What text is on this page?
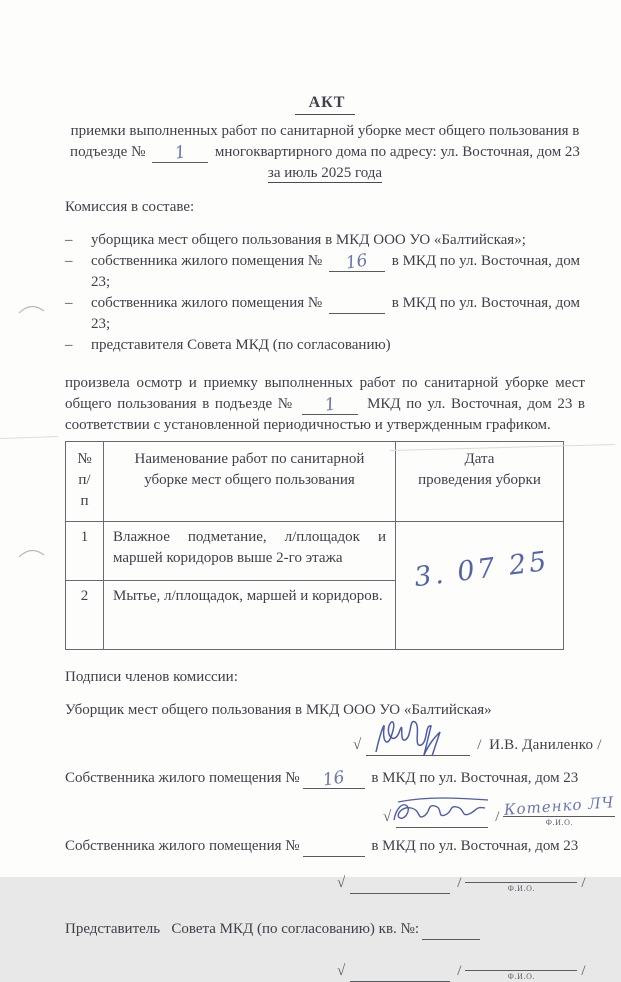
АКТ

приемки выполненных работ по санитарной уборке мест общего пользования в подъезде № 1 многоквартирного дома по адресу: ул. Восточная, дом 23

за июль 2025 года

Комиссия в составе:

–	уборщика мест общего пользования в МКД ООО УО «Балтийская»;
–	собственника жилого помещения № 16 в МКД по ул. Восточная, дом 23;
–	собственника жилого помещения №	в МКД по ул. Восточная, дом 23;
–	представителя Совета МКД (по согласованию)

произвела осмотр и приемку выполненных работ по санитарной уборке мест общего пользования в подъезде № 1 МКД по ул. Восточная, дом 23 в соответствии с установленной периодичностью и утвержденным графиком.

№
п/п	Наименование работ по санитарной уборке мест общего пользования	Дата
проведения уборки
1	Влажное подметание, л/площадок и маршей коридоров выше 2-го этажа	3. 07 25

2	Мытье, л/площадок, маршей и коридоров.	

Подписи членов комиссии:

Уборщик мест общего пользования в МКД ООО УО «Балтийская»

√	/ И.В. Даниленко /

Собственника жилого помещения № 16 в МКД по ул. Восточная, дом 23

√	/ Котенко ЛЧ
Ф.И.О.

Собственника жилого помещения №	в МКД по ул. Восточная, дом 23

√	/	Ф.И.О.	/

Представитель   Совета МКД (по согласованию) кв. №:

√	/	Ф.И.О.	/
